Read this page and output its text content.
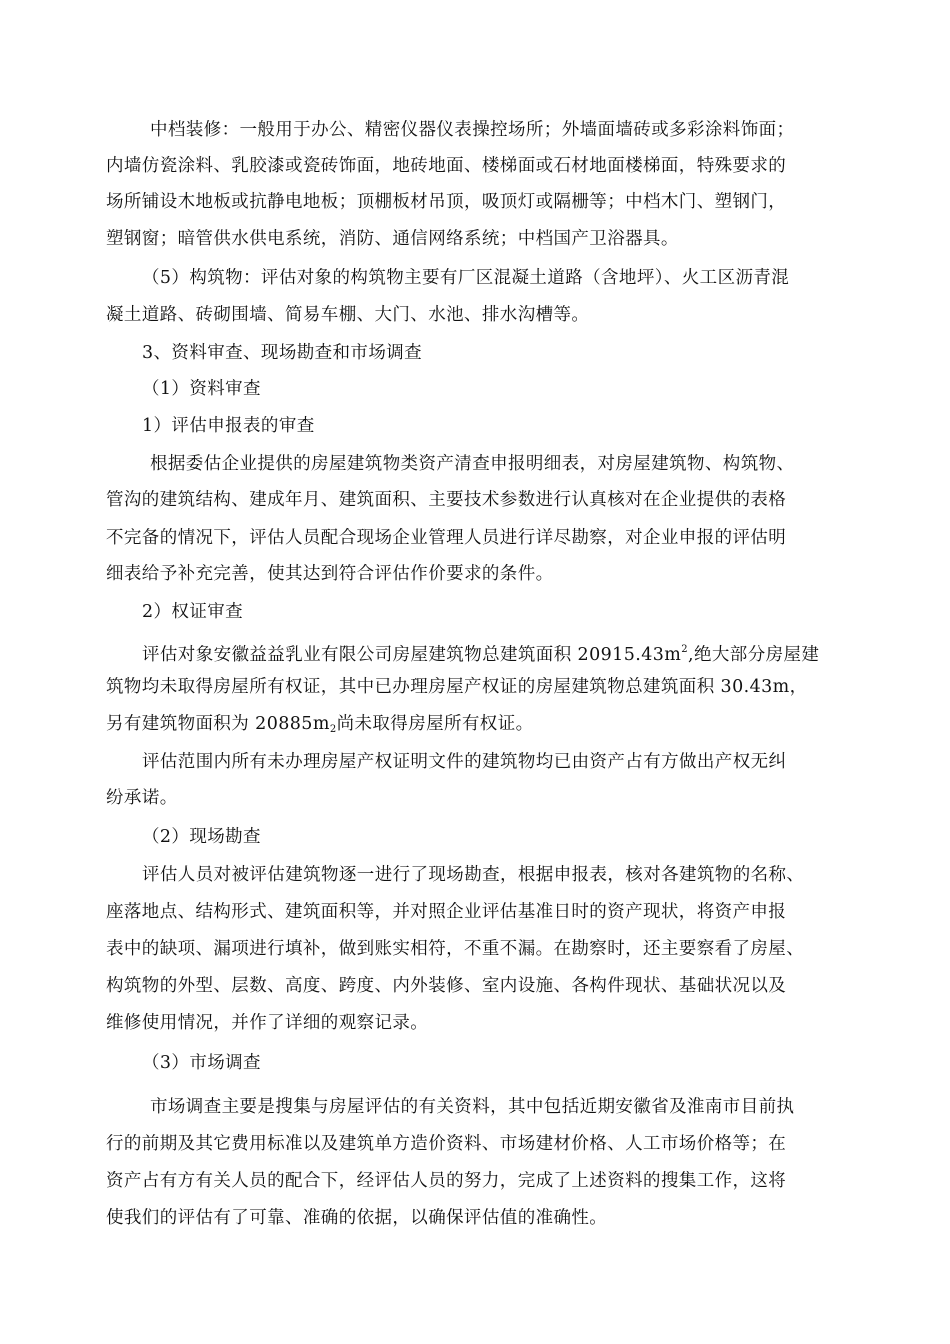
中档装修：一般用于办公、精密仪器仪表操控场所；外墙面墙砖或多彩涂料饰面；

内墙仿瓷涂料、乳胶漆或瓷砖饰面，地砖地面、楼梯面或石材地面楼梯面，特殊要求的

场所铺设木地板或抗静电地板；顶棚板材吊顶，吸顶灯或隔栅等；中档木门、塑钢门，

塑钢窗；暗管供水供电系统，消防、通信网络系统；中档国产卫浴器具。

（5）构筑物：评估对象的构筑物主要有厂区混凝土道路（含地坪）、火工区沥青混

凝土道路、砖砌围墙、简易车棚、大门、水池、排水沟槽等。

3、资料审查、现场勘查和市场调查

（1）资料审查

1）评估申报表的审查

根据委估企业提供的房屋建筑物类资产清查申报明细表，对房屋建筑物、构筑物、

管沟的建筑结构、建成年月、建筑面积、主要技术参数进行认真核对在企业提供的表格

不完备的情况下，评估人员配合现场企业管理人员进行详尽勘察，对企业申报的评估明

细表给予补充完善，使其达到符合评估作价要求的条件。

2）权证审查

评估对象安徽益益乳业有限公司房屋建筑物总建筑面积 $20915.43m^2$,绝大部分房屋建

筑物均未取得房屋所有权证，其中已办理房屋产权证的房屋建筑物总建筑面积 30.43m，

另有建筑物面积为 $20885m_2$尚未取得房屋所有权证。

评估范围内所有未办理房屋产权证明文件的建筑物均已由资产占有方做出产权无纠

纷承诺。

（2）现场勘查

评估人员对被评估建筑物逐一进行了现场勘查，根据申报表，核对各建筑物的名称、

座落地点、结构形式、建筑面积等，并对照企业评估基准日时的资产现状，将资产申报

表中的缺项、漏项进行填补，做到账实相符，不重不漏。在勘察时，还主要察看了房屋、

构筑物的外型、层数、高度、跨度、内外装修、室内设施、各构件现状、基础状况以及

维修使用情况，并作了详细的观察记录。

（3）市场调查

市场调查主要是搜集与房屋评估的有关资料，其中包括近期安徽省及淮南市目前执

行的前期及其它费用标准以及建筑单方造价资料、市场建材价格、人工市场价格等；在

资产占有方有关人员的配合下，经评估人员的努力，完成了上述资料的搜集工作，这将

使我们的评估有了可靠、准确的依据，以确保评估值的准确性。
